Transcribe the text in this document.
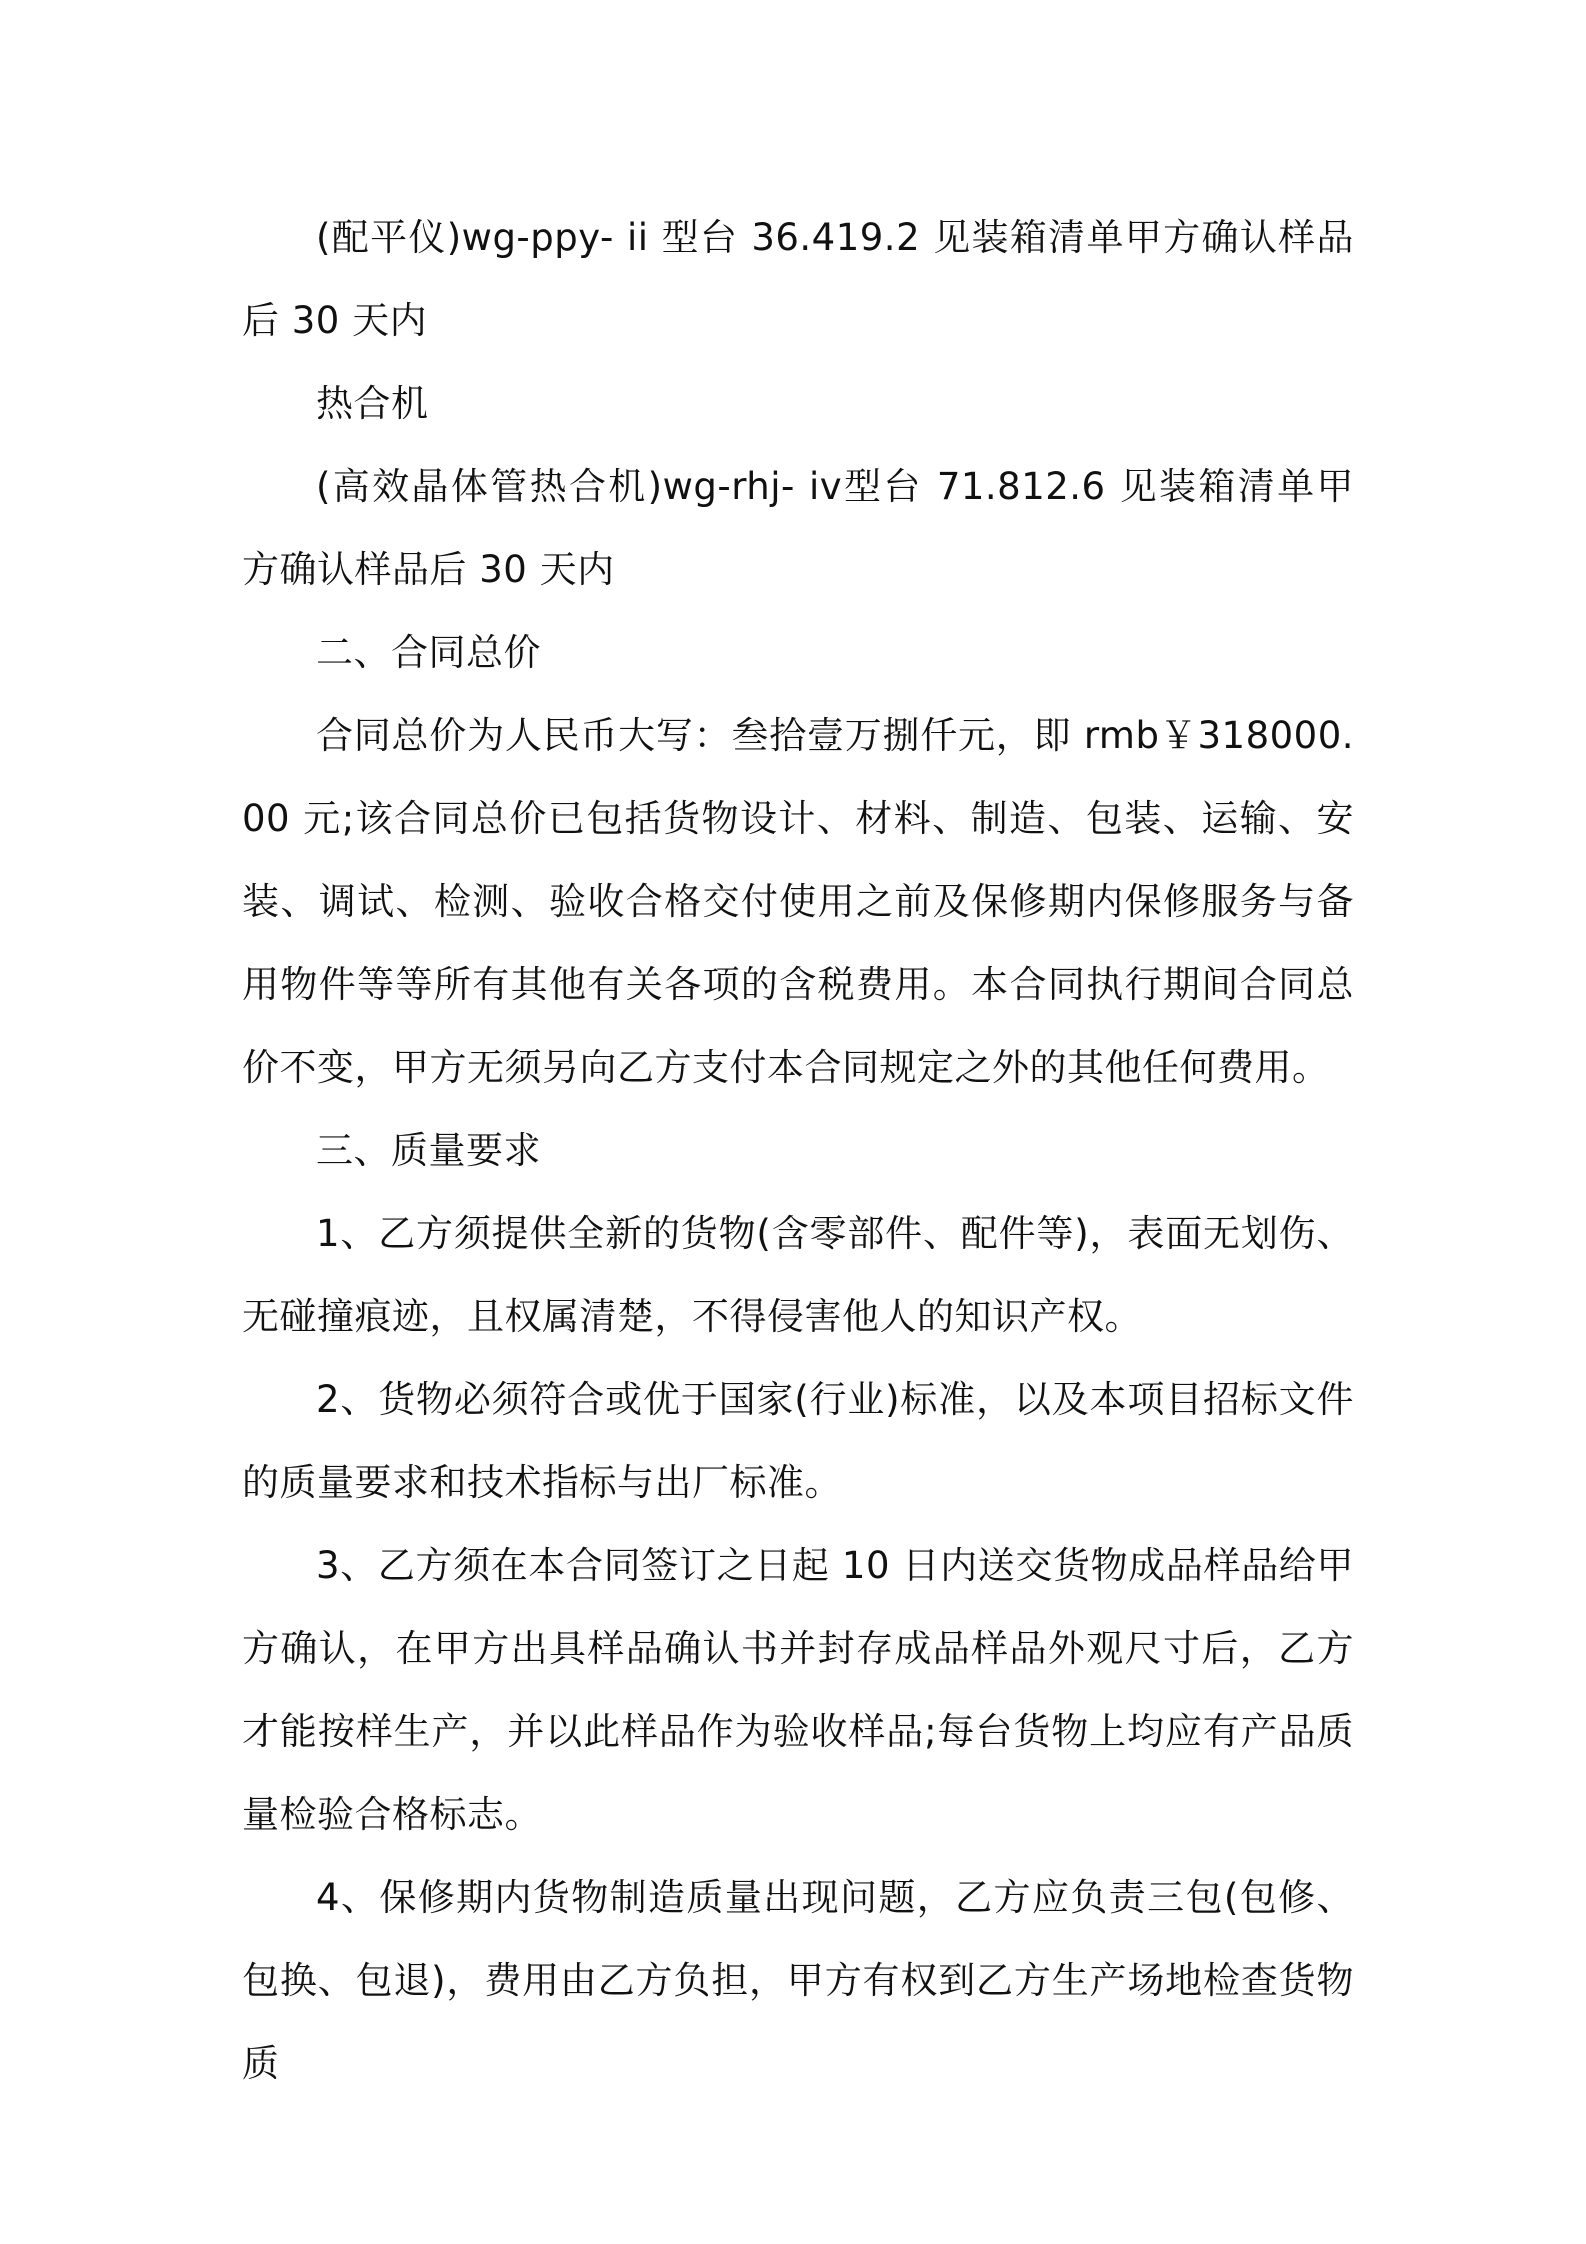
(配平仪)wg-ppy- ii 型台 36.419.2 见装箱清单甲方确认样品后 30 天内

热合机

(高效晶体管热合机)wg-rhj- iv型台 71.812.6 见装箱清单甲方确认样品后 30 天内

二、合同总价

合同总价为人民币大写：叁拾壹万捌仟元，即 rmb￥318000.00 元;该合同总价已包括货物设计、材料、制造、包装、运输、安装、调试、检测、验收合格交付使用之前及保修期内保修服务与备用物件等等所有其他有关各项的含税费用。本合同执行期间合同总价不变，甲方无须另向乙方支付本合同规定之外的其他任何费用。

三、质量要求

1、乙方须提供全新的货物(含零部件、配件等)，表面无划伤、无碰撞痕迹，且权属清楚，不得侵害他人的知识产权。

2、货物必须符合或优于国家(行业)标准，以及本项目招标文件的质量要求和技术指标与出厂标准。

3、乙方须在本合同签订之日起 10 日内送交货物成品样品给甲方确认，在甲方出具样品确认书并封存成品样品外观尺寸后，乙方才能按样生产，并以此样品作为验收样品;每台货物上均应有产品质量检验合格标志。

4、保修期内货物制造质量出现问题，乙方应负责三包(包修、包换、包退)，费用由乙方负担，甲方有权到乙方生产场地检查货物质
